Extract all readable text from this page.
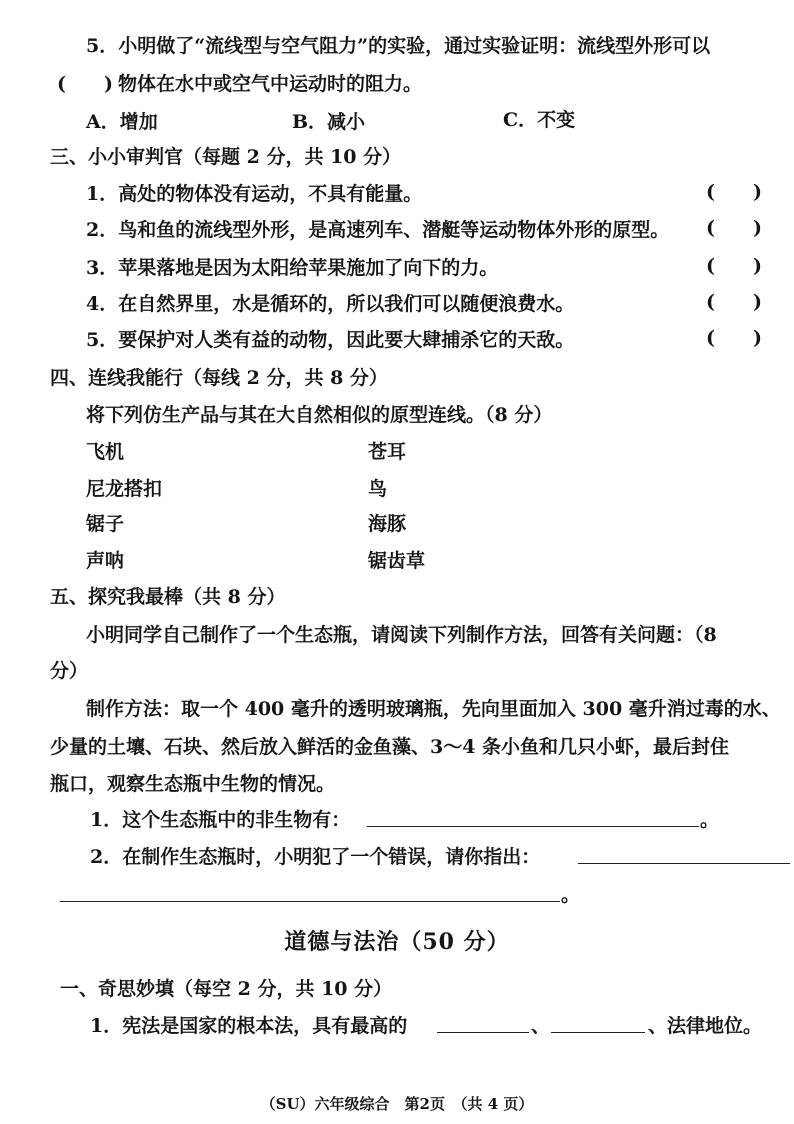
5．小明做了“流线型与空气阻力”的实验，通过实验证明：流线型外形可以
(　　) 物体在水中或空气中运动时的阻力。
A．增加	B．减小	C．不变
三、小小审判官（每题 2 分，共 10 分）
1．高处的物体没有运动，不具有能量。	(　　)
2．鸟和鱼的流线型外形，是高速列车、潜艇等运动物体外形的原型。 (　　)
3．苹果落地是因为太阳给苹果施加了向下的力。	(　　)
4．在自然界里，水是循环的，所以我们可以随便浪费水。	(　　)
5．要保护对人类有益的动物，因此要大肆捕杀它的天敌。	(　　)
四、连线我能行（每线 2 分，共 8 分）
将下列仿生产品与其在大自然相似的原型连线。（8 分）
飞机	苍耳
尼龙搭扣	鸟
锯子	海豚
声呐	锯齿草
五、探究我最棒（共 8 分）
小明同学自己制作了一个生态瓶，请阅读下列制作方法，回答有关问题：（8
分）
制作方法：取一个 400 毫升的透明玻璃瓶，先向里面加入 300 毫升消过毒的水、
少量的土壤、石块、然后放入鲜活的金鱼藻、3～4 条小鱼和几只小虾，最后封住
瓶口，观察生态瓶中生物的情况。
1．这个生态瓶中的非生物有：	。
2．在制作生态瓶时，小明犯了一个错误，请你指出：
。
道德与法治（50 分）
一、奇思妙填（每空 2 分，共 10 分）
1．宪法是国家的根本法，具有最高的	、	、法律地位。
（SU）六年级综合　第2页　（共 4 页）
